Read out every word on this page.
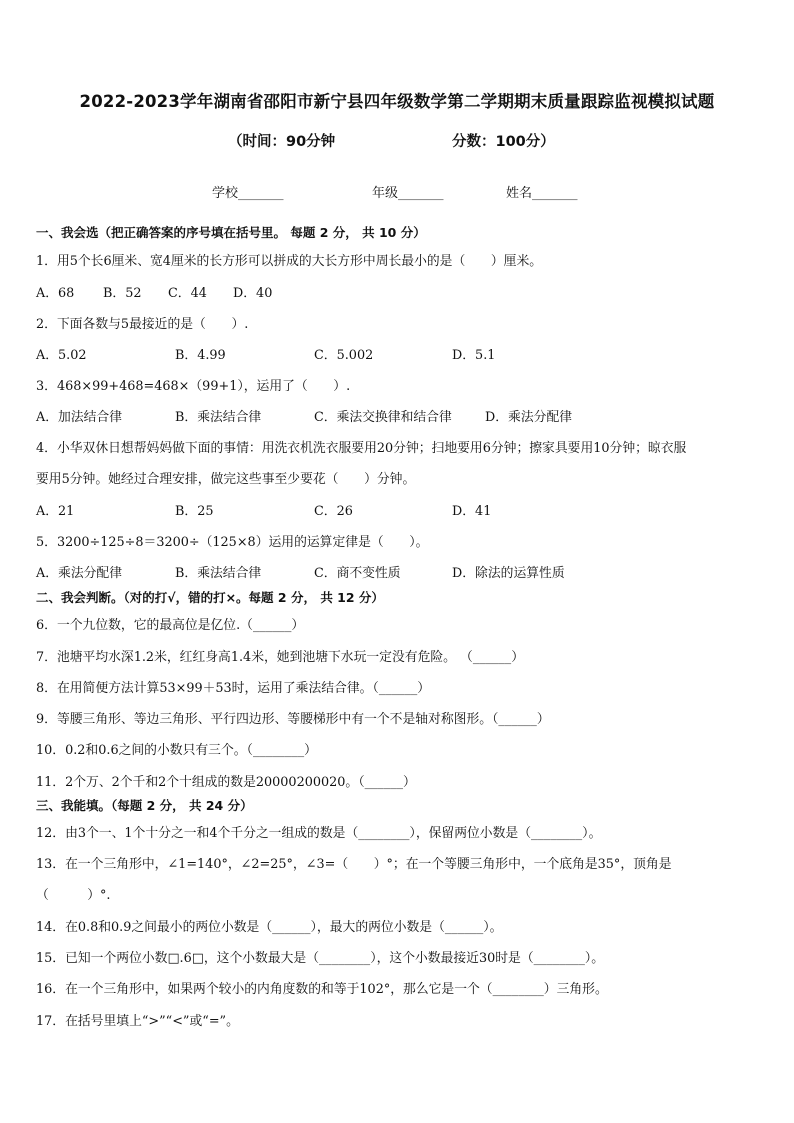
2022-2023学年湖南省邵阳市新宁县四年级数学第二学期期末质量跟踪监视模拟试题
（时间：90分钟	分数：100分）
学校_______	年级_______	姓名_______
一、我会选（把正确答案的序号填在括号里。 每题 2 分， 共 10 分）
1．用5个长6厘米、宽4厘米的长方形可以拼成的大长方形中周长最小的是（　　）厘米。
A．68 B．52 C．44 D．40
2．下面各数与5最接近的是（　　）.
A．5.02	B．4.99	C．5.002	D．5.1
3．468×99+468=468×（99+1），运用了（　　）.
A．加法结合律	B．乘法结合律	C．乘法交换律和结合律	D．乘法分配律
4．小华双休日想帮妈妈做下面的事情：用洗衣机洗衣服要用20分钟；扫地要用6分钟；擦家具要用10分钟；晾衣服
要用5分钟。她经过合理安排，做完这些事至少要花（　　）分钟。
A．21	B．25	C．26	D．41
5．3200÷125÷8＝3200÷（125×8）运用的运算定律是（　　）。
A．乘法分配律	B．乘法结合律	C．商不变性质	D．除法的运算性质
二、我会判断。（对的打√，错的打×。每题 2 分， 共 12 分）
6．一个九位数，它的最高位是亿位.（______）
7．池塘平均水深1.2米，红红身高1.4米，她到池塘下水玩一定没有危险。 （______）
8．在用简便方法计算53×99＋53时，运用了乘法结合律。（______）
9．等腰三角形、等边三角形、平行四边形、等腰梯形中有一个不是轴对称图形。（______）
10．0.2和0.6之间的小数只有三个。（________）
11．2个万、2个千和2个十组成的数是20000200020。（______）
三、我能填。（每题 2 分， 共 24 分）
12．由3个一、1个十分之一和4个千分之一组成的数是（________），保留两位小数是（________）。
13．在一个三角形中，∠1=140°，∠2=25°，∠3=（　　）°；在一个等腰三角形中，一个底角是35°，顶角是
（　　　）°.
14．在0.8和0.9之间最小的两位小数是（______），最大的两位小数是（______）。
15．已知一个两位小数□.6□，这个小数最大是（________），这个小数最接近30时是（________）。
16．在一个三角形中，如果两个较小的内角度数的和等于102°，那么它是一个（________）三角形。
17．在括号里填上“>”“<”或“=”。
